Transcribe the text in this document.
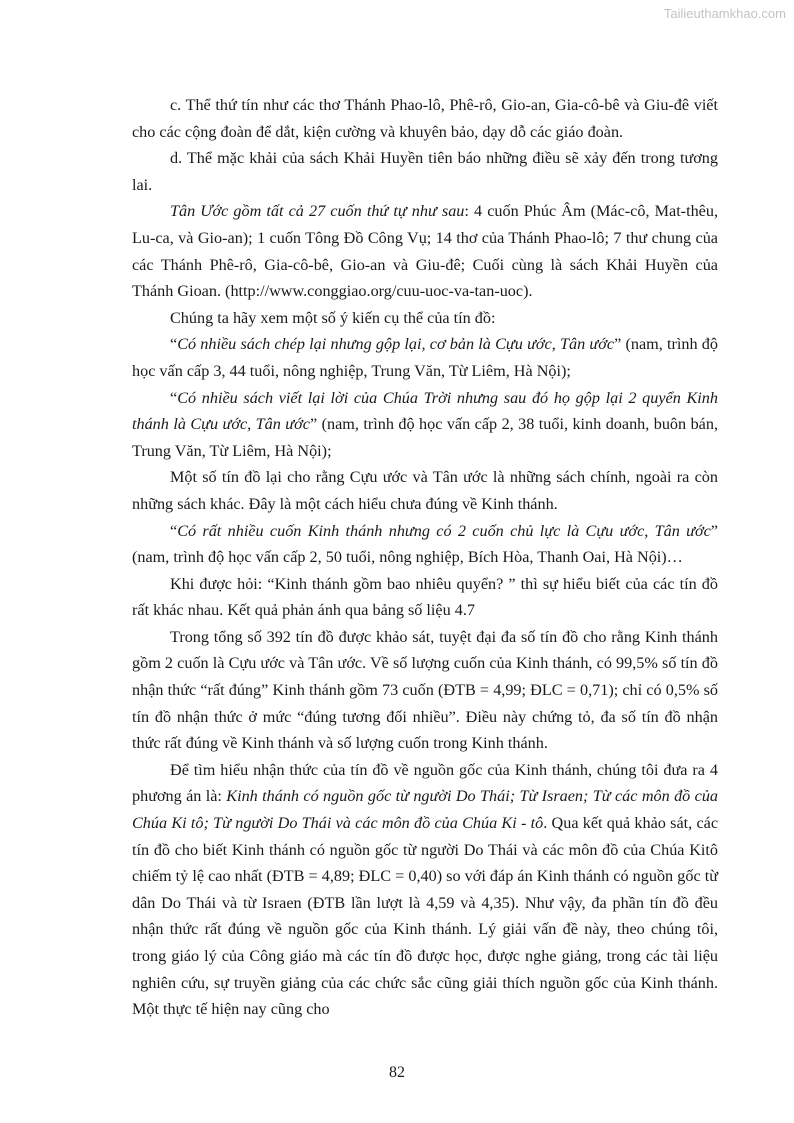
Tailieuthamkhao.com

c. Thể thứ tín như các thơ Thánh Phao-lô, Phê-rô, Gio-an, Gia-cô-bê và Giu-đê viết cho các cộng đoàn để dắt, kiện cường và khuyên bảo, dạy dỗ các giáo đoàn.

d. Thể mặc khải của sách Khải Huyền tiên báo những điều sẽ xảy đến trong tương lai.

Tân Ước gồm tất cả 27 cuốn thứ tự như sau: 4 cuốn Phúc Âm (Mác-cô, Mat-thêu, Lu-ca, và Gio-an); 1 cuốn Tông Đồ Công Vụ; 14 thơ của Thánh Phao-lô; 7 thư chung của các Thánh Phê-rô, Gia-cô-bê, Gio-an và Giu-đê; Cuối cùng là sách Khải Huyền của Thánh Gioan. (http://www.conggiao.org/cuu-uoc-va-tan-uoc).

Chúng ta hãy xem một số ý kiến cụ thể của tín đồ:

“Có nhiều sách chép lại nhưng gộp lại, cơ bản là Cựu ước, Tân ước” (nam, trình độ học vấn cấp 3, 44 tuổi, nông nghiệp, Trung Văn, Từ Liêm, Hà Nội);

“Có nhiều sách viết lại lời của Chúa Trời nhưng sau đó họ gộp lại 2 quyển Kinh thánh là Cựu ước, Tân ước” (nam, trình độ học vấn cấp 2, 38 tuổi, kinh doanh, buôn bán, Trung Văn, Từ Liêm, Hà Nội);

Một số tín đồ lại cho rằng Cựu ước và Tân ước là những sách chính, ngoài ra còn những sách khác. Đây là một cách hiểu chưa đúng về Kinh thánh.

“Có rất nhiều cuốn Kinh thánh nhưng có 2 cuốn chủ lực là Cựu ước, Tân ước” (nam, trình độ học vấn cấp 2, 50 tuổi, nông nghiệp, Bích Hòa, Thanh Oai, Hà Nội)…

Khi được hỏi: “Kinh thánh gồm bao nhiêu quyển? ” thì sự hiểu biết của các tín đồ rất khác nhau. Kết quả phản ánh qua bảng số liệu 4.7

Trong tổng số 392 tín đồ được khảo sát, tuyệt đại đa số tín đồ cho rằng Kinh thánh gồm 2 cuốn là Cựu ước và Tân ước. Về số lượng cuốn của Kinh thánh, có 99,5% số tín đồ nhận thức “rất đúng” Kinh thánh gồm 73 cuốn (ĐTB = 4,99; ĐLC = 0,71); chỉ có 0,5% số tín đồ nhận thức ở mức “đúng tương đối nhiều”. Điều này chứng tỏ, đa số tín đồ nhận thức rất đúng về Kinh thánh và số lượng cuốn trong Kinh thánh.

Để tìm hiểu nhận thức của tín đồ về nguồn gốc của Kinh thánh, chúng tôi đưa ra 4 phương án là: Kinh thánh có nguồn gốc từ người Do Thái; Từ Israen; Từ các môn đồ của Chúa Ki tô; Từ người Do Thái và các môn đồ của Chúa Ki - tô. Qua kết quả khảo sát, các tín đồ cho biết Kinh thánh có nguồn gốc từ người Do Thái và các môn đồ của Chúa Kitô chiếm tỷ lệ cao nhất (ĐTB = 4,89; ĐLC = 0,40) so với đáp án Kinh thánh có nguồn gốc từ dân Do Thái và từ Israen (ĐTB lần lượt là 4,59 và 4,35). Như vậy, đa phần tín đồ đều nhận thức rất đúng về nguồn gốc của Kinh thánh. Lý giải vấn đề này, theo chúng tôi, trong giáo lý của Công giáo mà các tín đồ được học, được nghe giảng, trong các tài liệu nghiên cứu, sự truyền giảng của các chức sắc cũng giải thích nguồn gốc của Kinh thánh. Một thực tế hiện nay cũng cho

82
